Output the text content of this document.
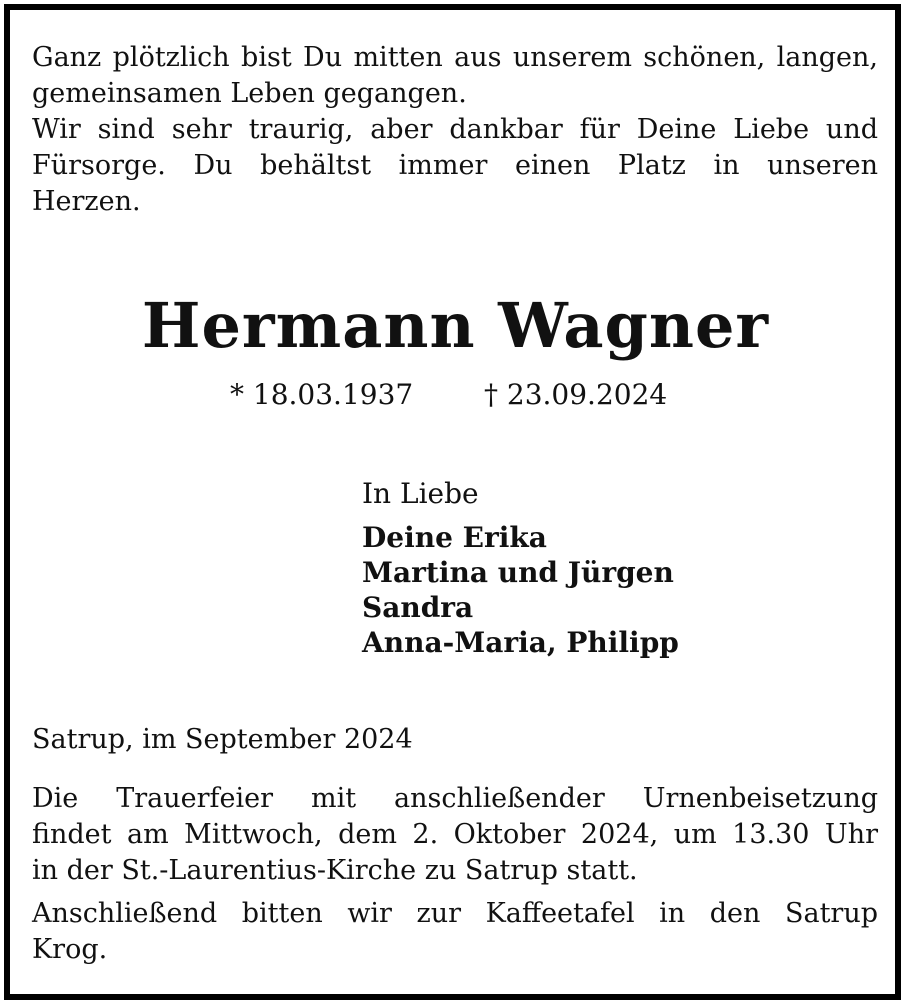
Ganz plötzlich bist Du mitten aus unserem schönen, langen,
gemeinsamen Leben gegangen.
Wir sind sehr traurig, aber dankbar für Deine Liebe und
Fürsorge. Du behältst immer einen Platz in unseren
Herzen.

Hermann Wagner
* 18.03.1937	† 23.09.2024

In Liebe

Deine Erika
Martina und Jürgen
Sandra
Anna-Maria, Philipp

Satrup, im September 2024

Die Trauerfeier mit anschließender Urnenbeisetzung
findet am Mittwoch, dem 2. Oktober 2024, um 13.30 Uhr
in der St.-Laurentius-Kirche zu Satrup statt.

Anschließend bitten wir zur Kaffeetafel in den Satrup
Krog.
